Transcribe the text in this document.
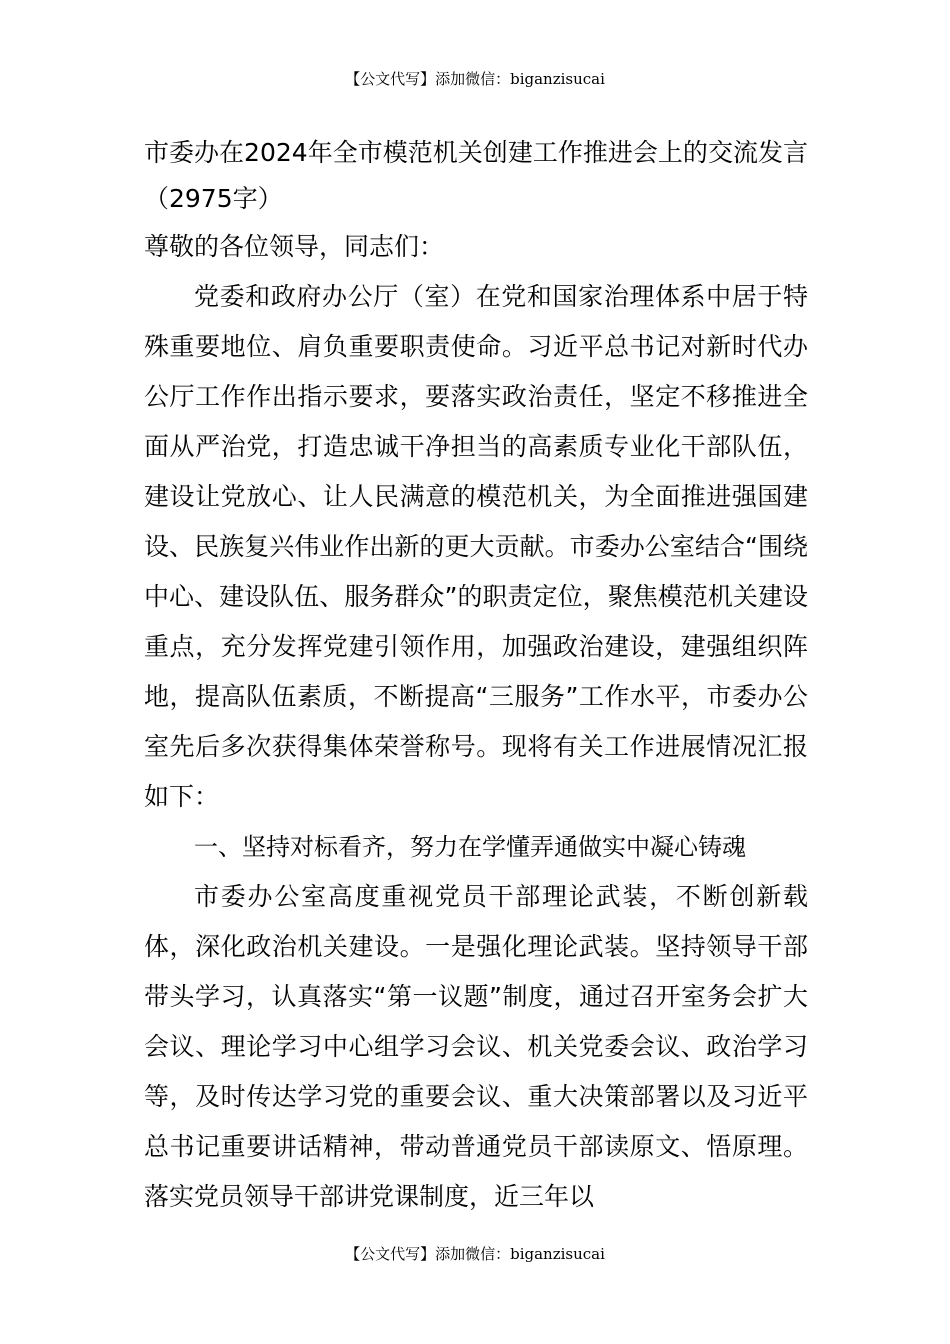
【公文代写】添加微信：biganzisucai

市委办在2024年全市模范机关创建工作推进会上的交流发言（2975字）

尊敬的各位领导，同志们：

党委和政府办公厅（室）在党和国家治理体系中居于特殊重要地位、肩负重要职责使命。习近平总书记对新时代办公厅工作作出指示要求，要落实政治责任，坚定不移推进全面从严治党，打造忠诚干净担当的高素质专业化干部队伍，建设让党放心、让人民满意的模范机关，为全面推进强国建设、民族复兴伟业作出新的更大贡献。市委办公室结合“围绕中心、建设队伍、服务群众”的职责定位，聚焦模范机关建设重点，充分发挥党建引领作用，加强政治建设，建强组织阵地，提高队伍素质，不断提高“三服务”工作水平，市委办公室先后多次获得集体荣誉称号。现将有关工作进展情况汇报如下：

一、坚持对标看齐，努力在学懂弄通做实中凝心铸魂

市委办公室高度重视党员干部理论武装，不断创新载体，深化政治机关建设。一是强化理论武装。坚持领导干部带头学习，认真落实“第一议题”制度，通过召开室务会扩大会议、理论学习中心组学习会议、机关党委会议、政治学习等，及时传达学习党的重要会议、重大决策部署以及习近平总书记重要讲话精神，带动普通党员干部读原文、悟原理。落实党员领导干部讲党课制度，近三年以

【公文代写】添加微信：biganzisucai
